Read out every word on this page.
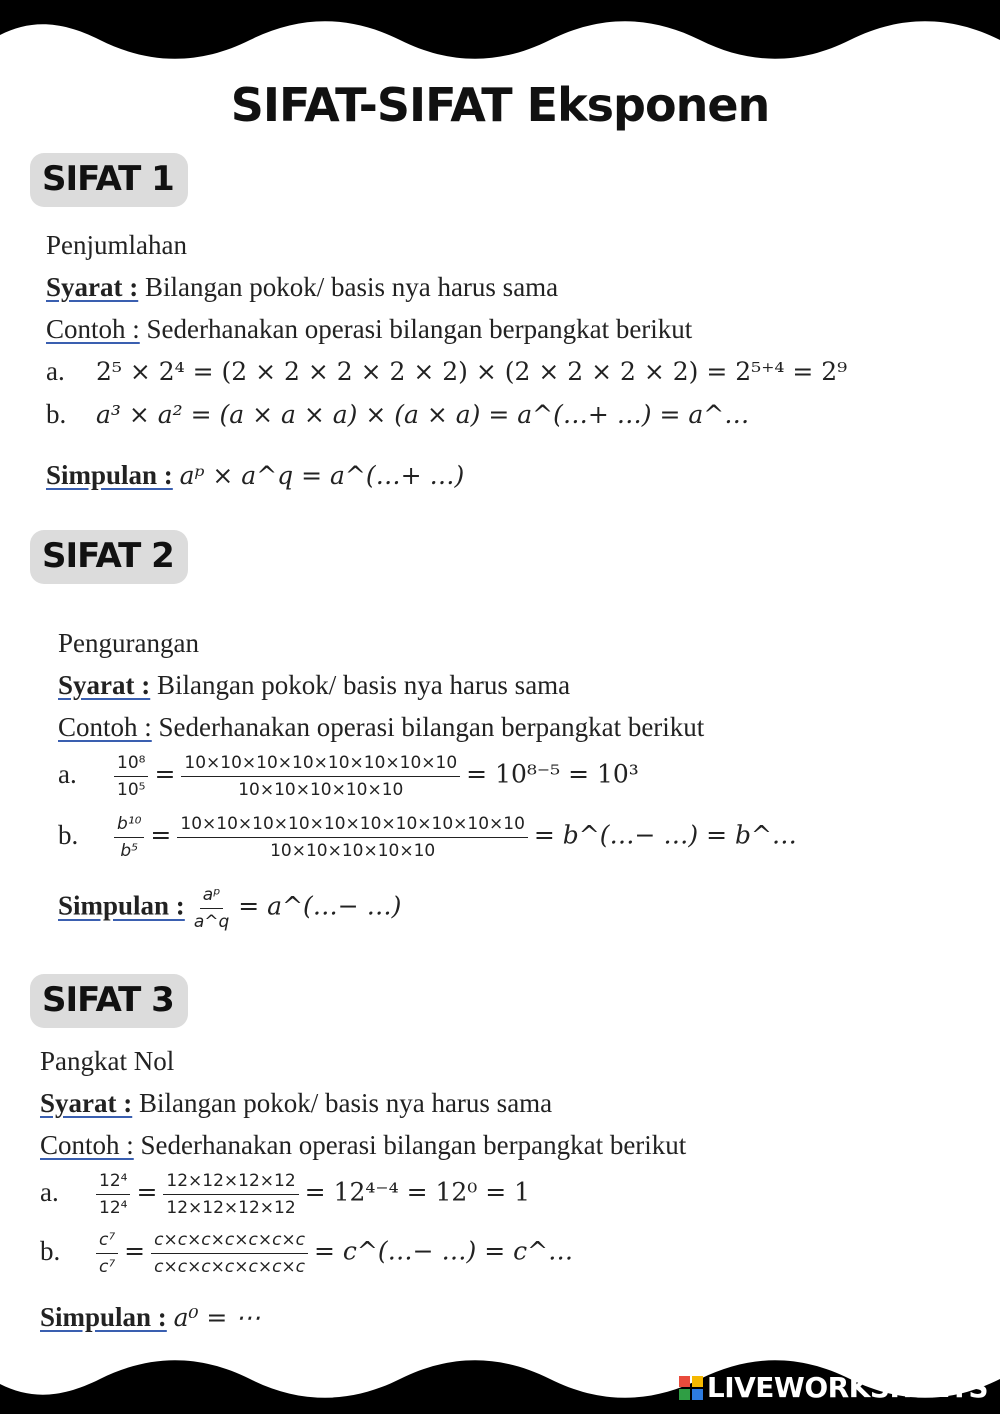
SIFAT-SIFAT Eksponen
SIFAT 1
Penjumlahan
Syarat : Bilangan pokok/ basis nya harus sama
Contoh : Sederhanakan operasi bilangan berpangkat berikut
a. 2⁵ × 2⁴ = (2 × 2 × 2 × 2 × 2) × (2 × 2 × 2 × 2) = 2⁵⁺⁴ = 2⁹
b. a³ × a² = (a × a × a) × (a × a) = a^(…+ …) = a^…
Simpulan : aᵖ × a^q = a^(…+ …)
SIFAT 2
Pengurangan
Syarat : Bilangan pokok/ basis nya harus sama
Contoh : Sederhanakan operasi bilangan berpangkat berikut
a. $\frac{\text{10⁸}}{\text{10⁵}} = \frac{10\times 10\times 10\times 10\times 10\times 10\times 10\times 10}{10\times 10\times 10\times 10\times 10} = 10^{8-5} = 10^3$
b. $\frac{\text{b¹⁰}}{\text{b⁵}} = \frac{10\times 10\times 10\times 10\times 10\times 10\times 10\times 10\times 10\times 10}{10\times 10\times 10\times 10\times 10}$ = b^(…− …) = b^…
Simpulan : $\frac{\text{aᵖ}}{a\^{}q}$ = a^(…− …)
SIFAT 3
Pangkat Nol
Syarat : Bilangan pokok/ basis nya harus sama
Contoh : Sederhanakan operasi bilangan berpangkat berikut
a. $\frac{\text{12⁴}}{\text{12⁴}} = \frac{12\times 12\times 12\times 12}{12\times 12\times 12\times 12} = 12^{4-4} = 12^0 = 1$
b. $\frac{\text{c⁷}}{\text{c⁷}} = \frac{c\times c\times c\times c\times c\times c\times c}{c\times c\times c\times c\times c\times c\times c}$ = c^(…− …) = c^…
Simpulan : a⁰ = ⋯
LIVEWORKSHEETS
